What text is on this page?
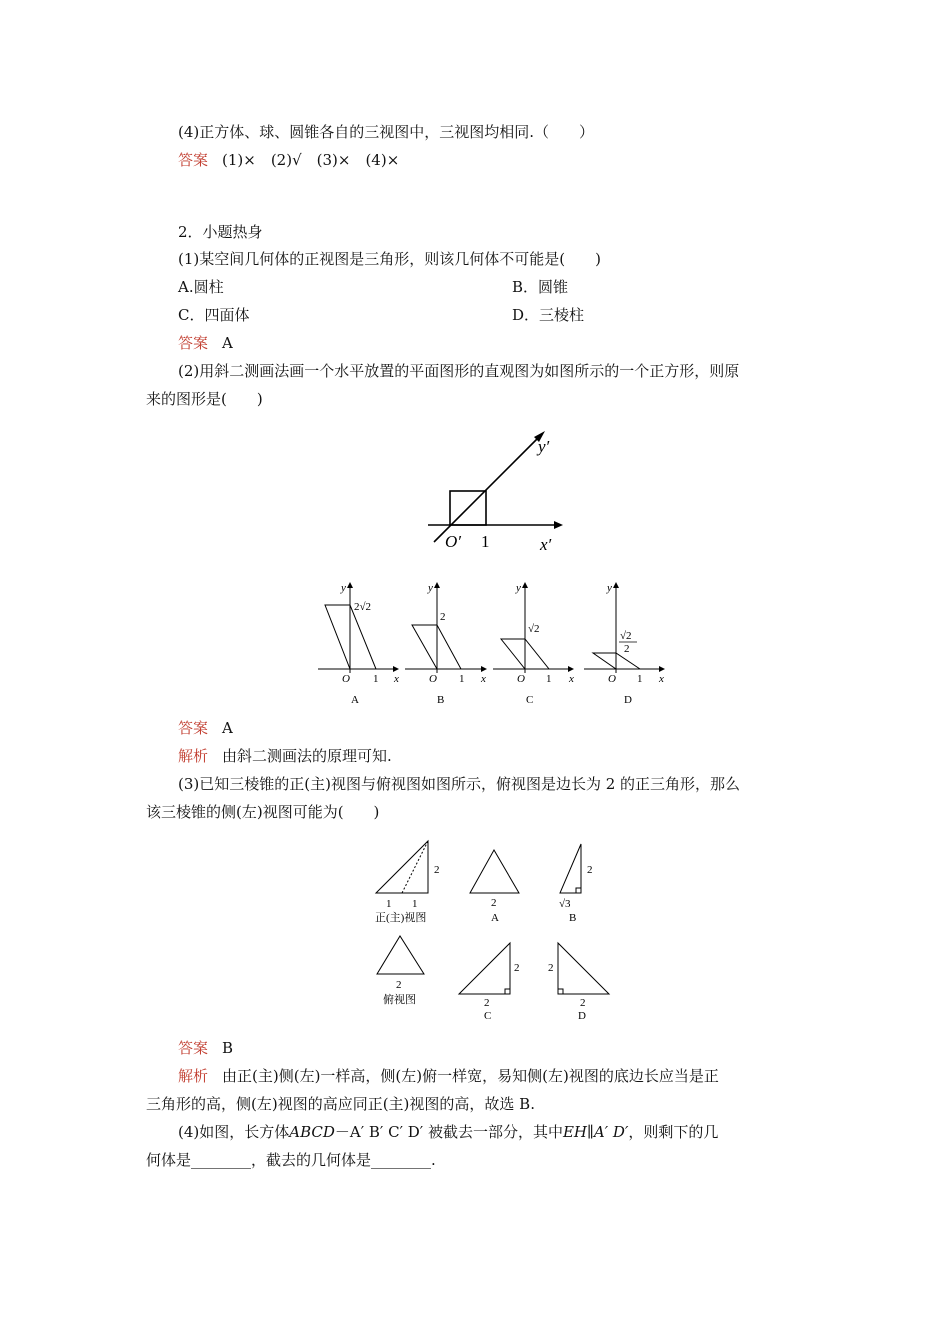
(4)正方体、球、圆锥各自的三视图中，三视图均相同.（　　）
答案 (1)×　(2)√　(3)×　(4)×
2．小题热身
(1)某空间几何体的正视图是三角形，则该几何体不可能是(　　)
A.圆柱	B．圆锥
C．四面体	D．三棱柱
答案 A
(2)用斜二测画法画一个水平放置的平面图形的直观图为如图所示的一个正方形，则原
来的图形是(　　)
y′
x′
O′ 1
y
x
O 1
2√2
A
y
x
O 1
2
B
y
x
O 1
√2
C
y
x
O 1
√2
2
D
答案 A
解析 由斜二测画法的原理可知.
(3)已知三棱锥的正(主)视图与俯视图如图所示，俯视图是边长为 2 的正三角形，那么
该三棱锥的侧(左)视图可能为(　　)
2
1 1
正(主)视图
2
A
2
√3
B
2
俯视图
2
2
C
2
2
D
答案 B
解析 由正(主)侧(左)一样高，侧(左)俯一样宽，易知侧(左)视图的底边长应当是正
三角形的高，侧(左)视图的高应同正(主)视图的高，故选 B.
(4)如图，长方体ABCD－A′ B′ C′ D′ 被截去一部分，其中EH∥A′ D′，则剩下的几
何体是________，截去的几何体是________.
